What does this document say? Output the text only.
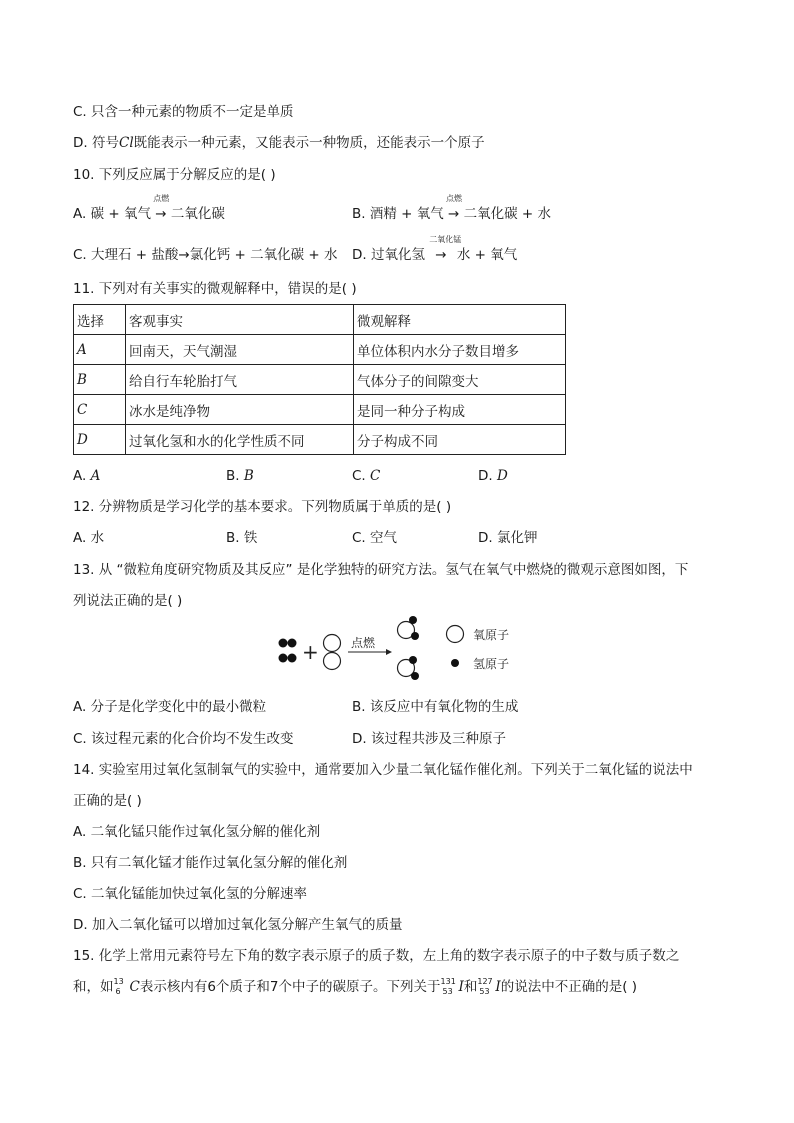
C. 只含一种元素的物质不一定是单质
D. 符号Cl既能表示一种元素，又能表示一种物质，还能表示一个原子
10. 下列反应属于分解反应的是( )
A. 碳 + 氧气
点燃
→ 二氧化碳	B. 酒精 + 氧气
点燃
→ 二氧化碳 + 水
C. 大理石 + 盐酸→氯化钙 + 二氧化碳 + 水 D. 过氧化氢
二氧化锰
→ 水 + 氧气
11. 下列对有关事实的微观解释中，错误的是( )
选择	客观事实	微观解释
A	回南天，天气潮湿	单位体积内水分子数目增多
B	给自行车轮胎打气	气体分子的间隙变大
C	冰水是纯净物	是同一种分子构成
D	过氧化氢和水的化学性质不同	分子构成不同
A. A	B. B	C. C	D. D
12. 分辨物质是学习化学的基本要求。下列物质属于单质的是( )
A. 水	B. 铁	C. 空气	D. 氯化钾
13. 从 “微粒角度研究物质及其反应” 是化学独特的研究方法。氢气在氧气中燃烧的微观示意图如图，下
列说法正确的是( )
+	点燃
氧原子
氢原子
A. 分子是化学变化中的最小微粒	B. 该反应中有氧化物的生成
C. 该过程元素的化合价均不发生改变	D. 该过程共涉及三种原子
14. 实验室用过氧化氢制氧气的实验中，通常要加入少量二氧化锰作催化剂。下列关于二氧化锰的说法中
正确的是( )
A. 二氧化锰只能作过氧化氢分解的催化剂
B. 只有二氧化锰才能作过氧化氢分解的催化剂
C. 二氧化锰能加快过氧化氢的分解速率
D. 加入二氧化锰可以增加过氧化氢分解产生氧气的质量
15. 化学上常用元素符号左下角的数字表示原子的质子数，左上角的数字表示原子的中子数与质子数之
和，如 13
6 C表示核内有6个质子和7个中子的碳原子。下列关于 131
53 I和 127
53 I的说法中不正确的是( )
